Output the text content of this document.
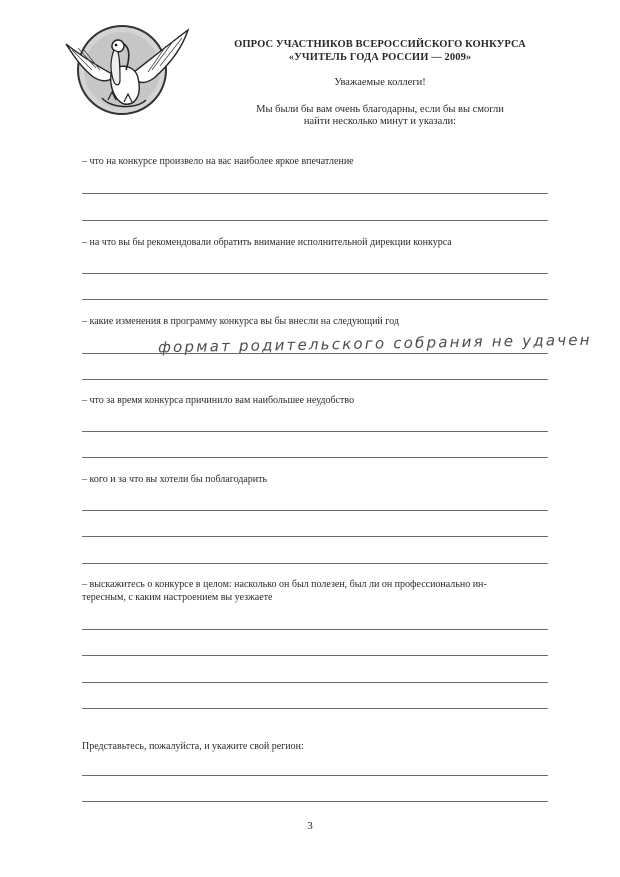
ОПРОС УЧАСТНИКОВ ВСЕРОССИЙСКОГО КОНКУРСА
«УЧИТЕЛЬ ГОДА РОССИИ — 2009»
Уважаемые коллеги!
Мы были бы вам очень благодарны, если бы вы смогли
найти несколько минут и указали:
– что на конкурсе произвело на вас наиболее яркое впечатление
– на что вы бы рекомендовали обратить внимание исполнительной дирекции конкурса
– какие изменения в программу конкурса вы бы внесли на следующий год
формат родительского собрания не удачен
– что за время конкурса причинило вам наибольшее неудобство
– кого и за что вы хотели бы поблагодарить
– выскажитесь о конкурсе в целом: насколько он был полезен, был ли он профессионально ин-
тересным, с каким настроением вы уезжаете
Представьтесь, пожалуйста, и укажите свой регион:
3
